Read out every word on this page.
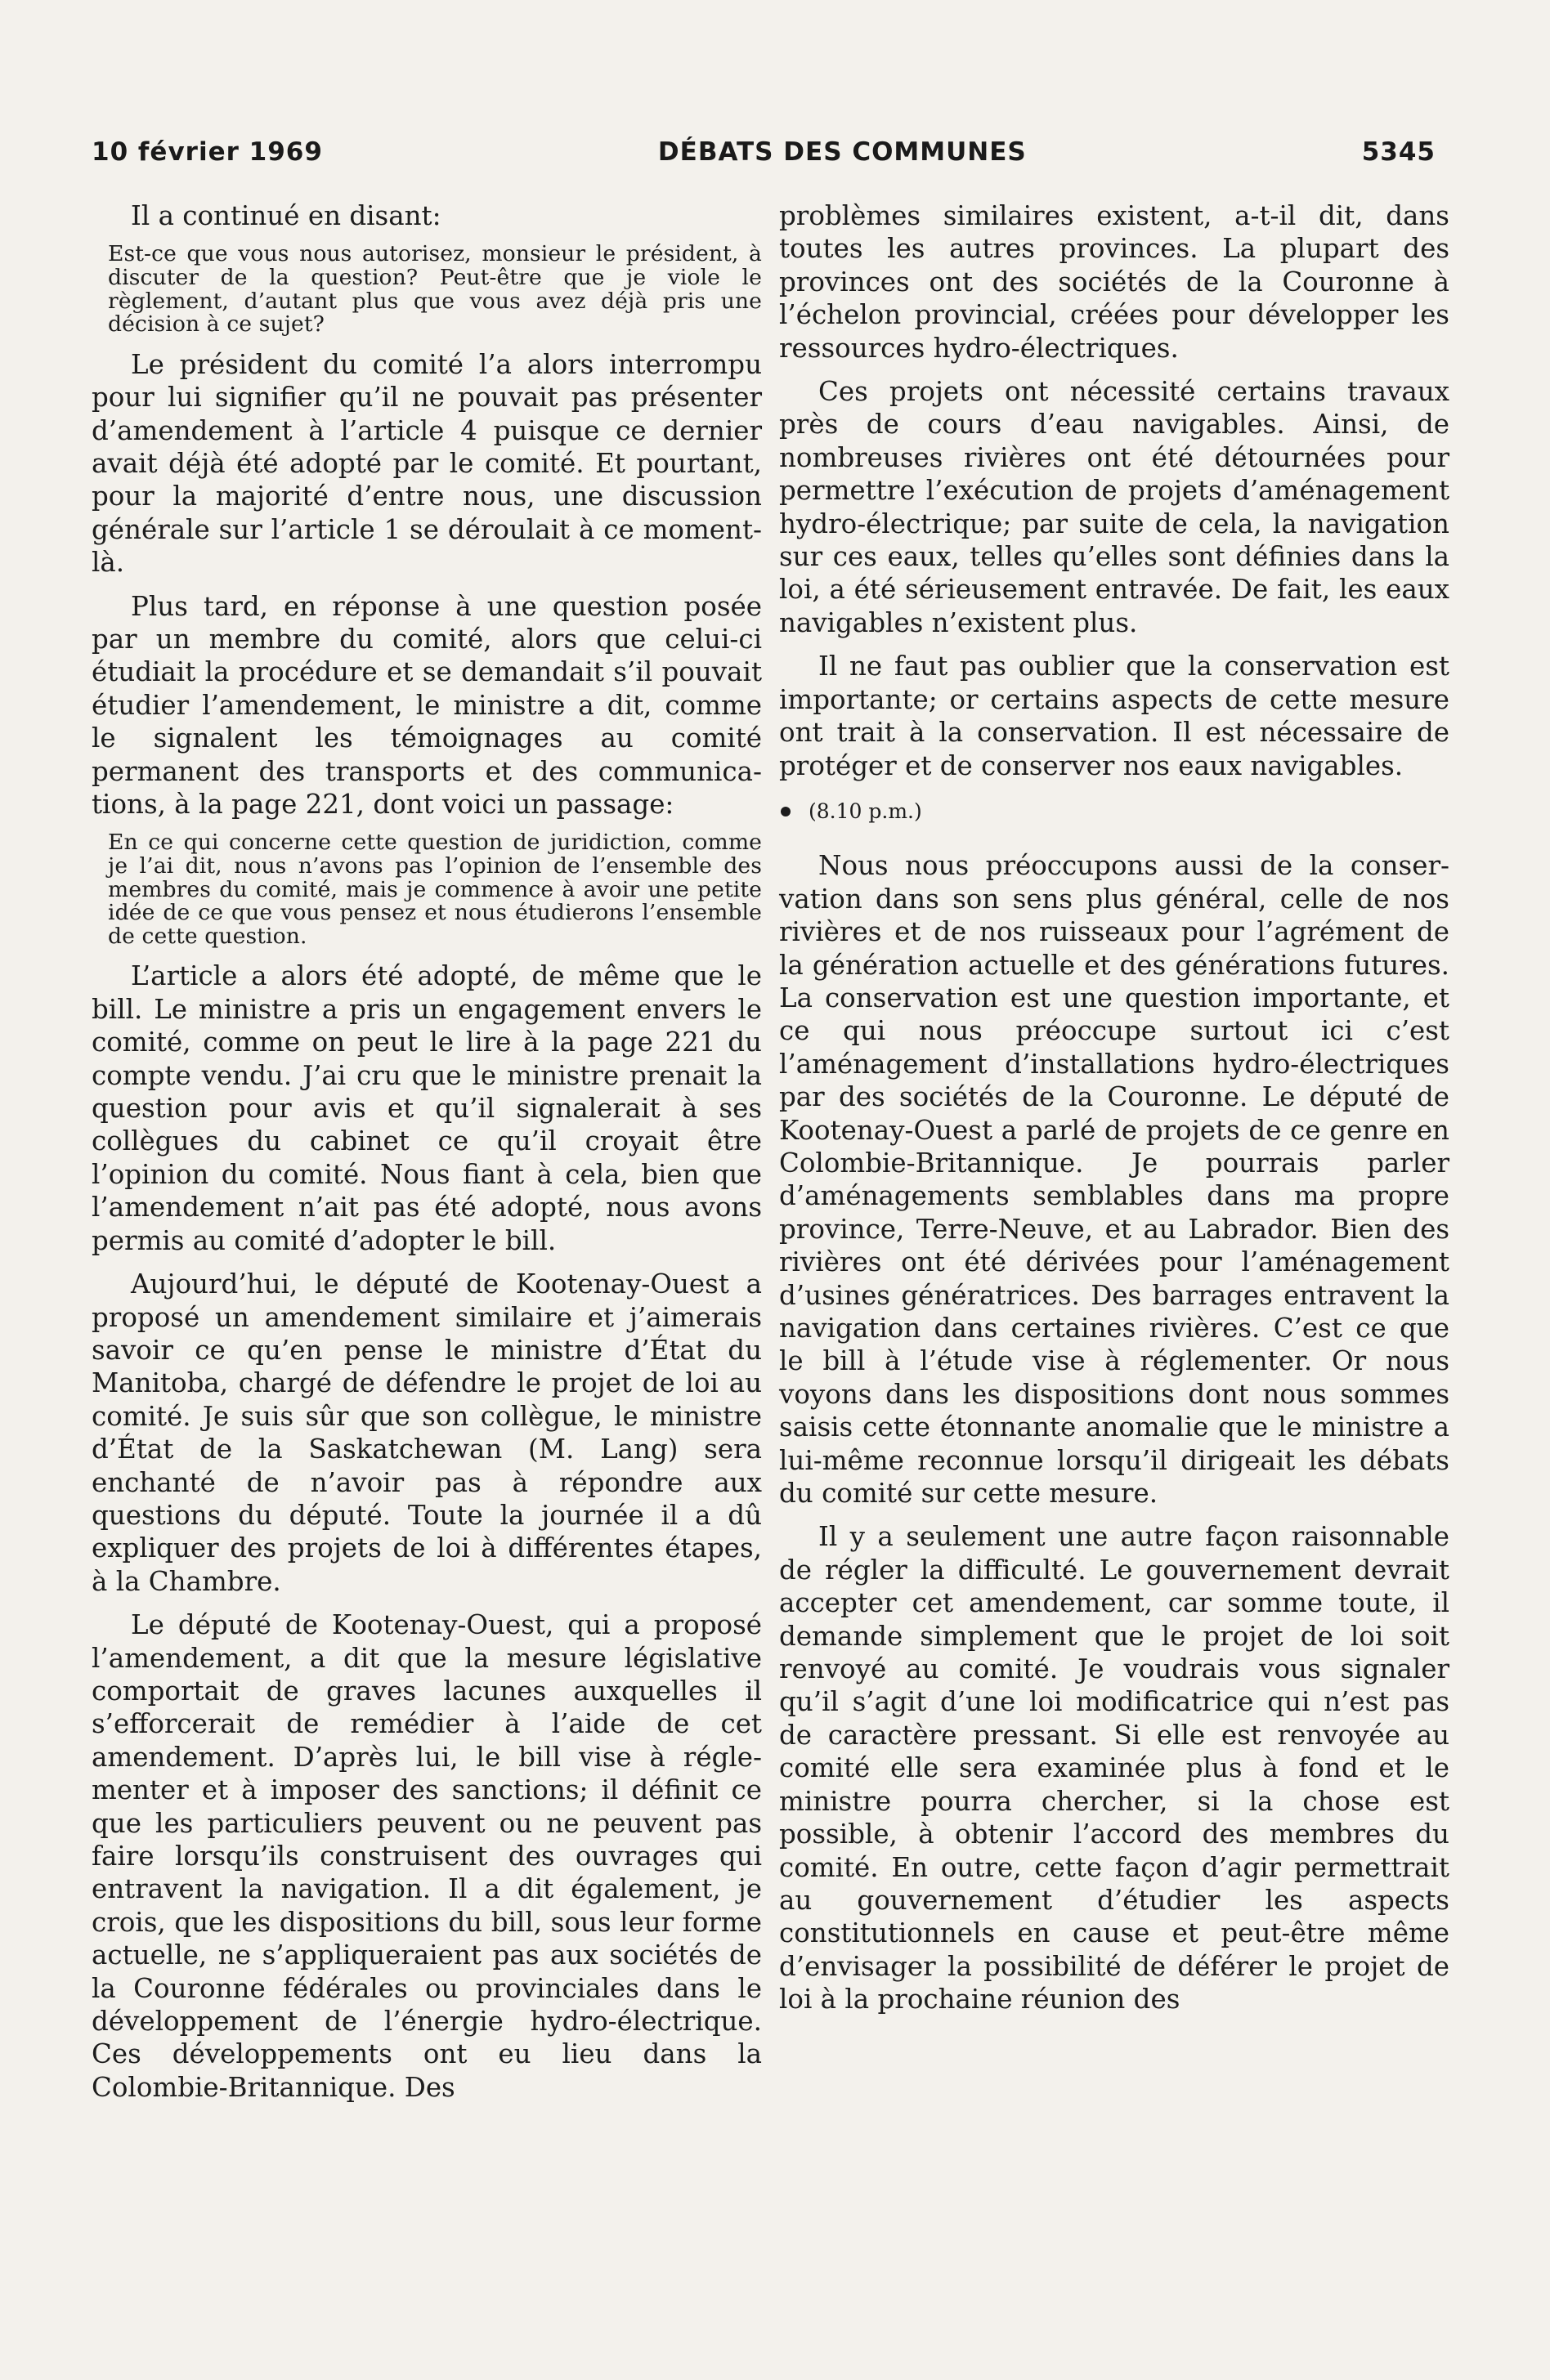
10 février 1969	DÉBATS DES COMMUNES	5345

Il a continué en disant:

Est-ce que vous nous autorisez, monsieur le président, à discuter de la question? Peut-être que je viole le règlement, d’autant plus que vous avez déjà pris une décision à ce sujet?

Le président du comité l’a alors interrompu pour lui signifier qu’il ne pouvait pas présenter d’amendement à l’article 4 puisque ce dernier avait déjà été adopté par le comité. Et pourtant, pour la majorité d’entre nous, une discussion générale sur l’article 1 se déroulait à ce moment-là.

Plus tard, en réponse à une question posée par un membre du comité, alors que celui-ci étudiait la procédure et se demandait s’il pouvait étudier l’amendement, le ministre a dit, comme le signalent les témoignages au comité permanent des transports et des communications, à la page 221, dont voici un passage:

En ce qui concerne cette question de juridiction, comme je l’ai dit, nous n’avons pas l’opinion de l’ensemble des membres du comité, mais je commence à avoir une petite idée de ce que vous pensez et nous étudierons l’ensemble de cette question.

L’article a alors été adopté, de même que le bill. Le ministre a pris un engagement envers le comité, comme on peut le lire à la page 221 du compte vendu. J’ai cru que le ministre prenait la question pour avis et qu’il signalerait à ses collègues du cabinet ce qu’il croyait être l’opinion du comité. Nous fiant à cela, bien que l’amendement n’ait pas été adopté, nous avons permis au comité d’adopter le bill.

Aujourd’hui, le député de Kootenay-Ouest a proposé un amendement similaire et j’aimerais savoir ce qu’en pense le ministre d’État du Manitoba, chargé de défendre le projet de loi au comité. Je suis sûr que son collègue, le ministre d’État de la Saskatchewan (M. Lang) sera enchanté de n’avoir pas à répondre aux questions du député. Toute la journée il a dû expliquer des projets de loi à différentes étapes, à la Chambre.

Le député de Kootenay-Ouest, qui a proposé l’amendement, a dit que la mesure législative comportait de graves lacunes auxquelles il s’efforcerait de remédier à l’aide de cet amendement. D’après lui, le bill vise à réglementer et à imposer des sanctions; il définit ce que les particuliers peuvent ou ne peuvent pas faire lorsqu’ils construisent des ouvrages qui entravent la navigation. Il a dit également, je crois, que les dispositions du bill, sous leur forme actuelle, ne s’appliqueraient pas aux sociétés de la Couronne fédérales ou provinciales dans le développement de l’énergie hydro-électrique. Ces développements ont eu lieu dans la Colombie-Britannique. Des

problèmes similaires existent, a-t-il dit, dans toutes les autres provinces. La plupart des provinces ont des sociétés de la Couronne à l’échelon provincial, créées pour développer les ressources hydro-électriques.

Ces projets ont nécessité certains travaux près de cours d’eau navigables. Ainsi, de nombreuses rivières ont été détournées pour permettre l’exécution de projets d’aménagement hydro-électrique; par suite de cela, la navigation sur ces eaux, telles qu’elles sont définies dans la loi, a été sérieusement entravée. De fait, les eaux navigables n’existent plus.

Il ne faut pas oublier que la conservation est importante; or certains aspects de cette mesure ont trait à la conservation. Il est nécessaire de protéger et de conserver nos eaux navigables.

(8.10 p.m.)

Nous nous préoccupons aussi de la conservation dans son sens plus général, celle de nos rivières et de nos ruisseaux pour l’agrément de la génération actuelle et des générations futures. La conservation est une question importante, et ce qui nous préoccupe surtout ici c’est l’aménagement d’installations hydro-électriques par des sociétés de la Couronne. Le député de Kootenay-Ouest a parlé de projets de ce genre en Colombie-Britannique. Je pourrais parler d’aménagements semblables dans ma propre province, Terre-Neuve, et au Labrador. Bien des rivières ont été dérivées pour l’aménagement d’usines génératrices. Des barrages entravent la navigation dans certaines rivières. C’est ce que le bill à l’étude vise à réglementer. Or nous voyons dans les dispositions dont nous sommes saisis cette étonnante anomalie que le ministre a lui-même reconnue lorsqu’il dirigeait les débats du comité sur cette mesure.

Il y a seulement une autre façon raisonnable de régler la difficulté. Le gouvernement devrait accepter cet amendement, car somme toute, il demande simplement que le projet de loi soit renvoyé au comité. Je voudrais vous signaler qu’il s’agit d’une loi modificatrice qui n’est pas de caractère pressant. Si elle est renvoyée au comité elle sera examinée plus à fond et le ministre pourra chercher, si la chose est possible, à obtenir l’accord des membres du comité. En outre, cette façon d’agir permettrait au gouvernement d’étudier les aspects constitutionnels en cause et peut-être même d’envisager la possibilité de déférer le projet de loi à la prochaine réunion des
